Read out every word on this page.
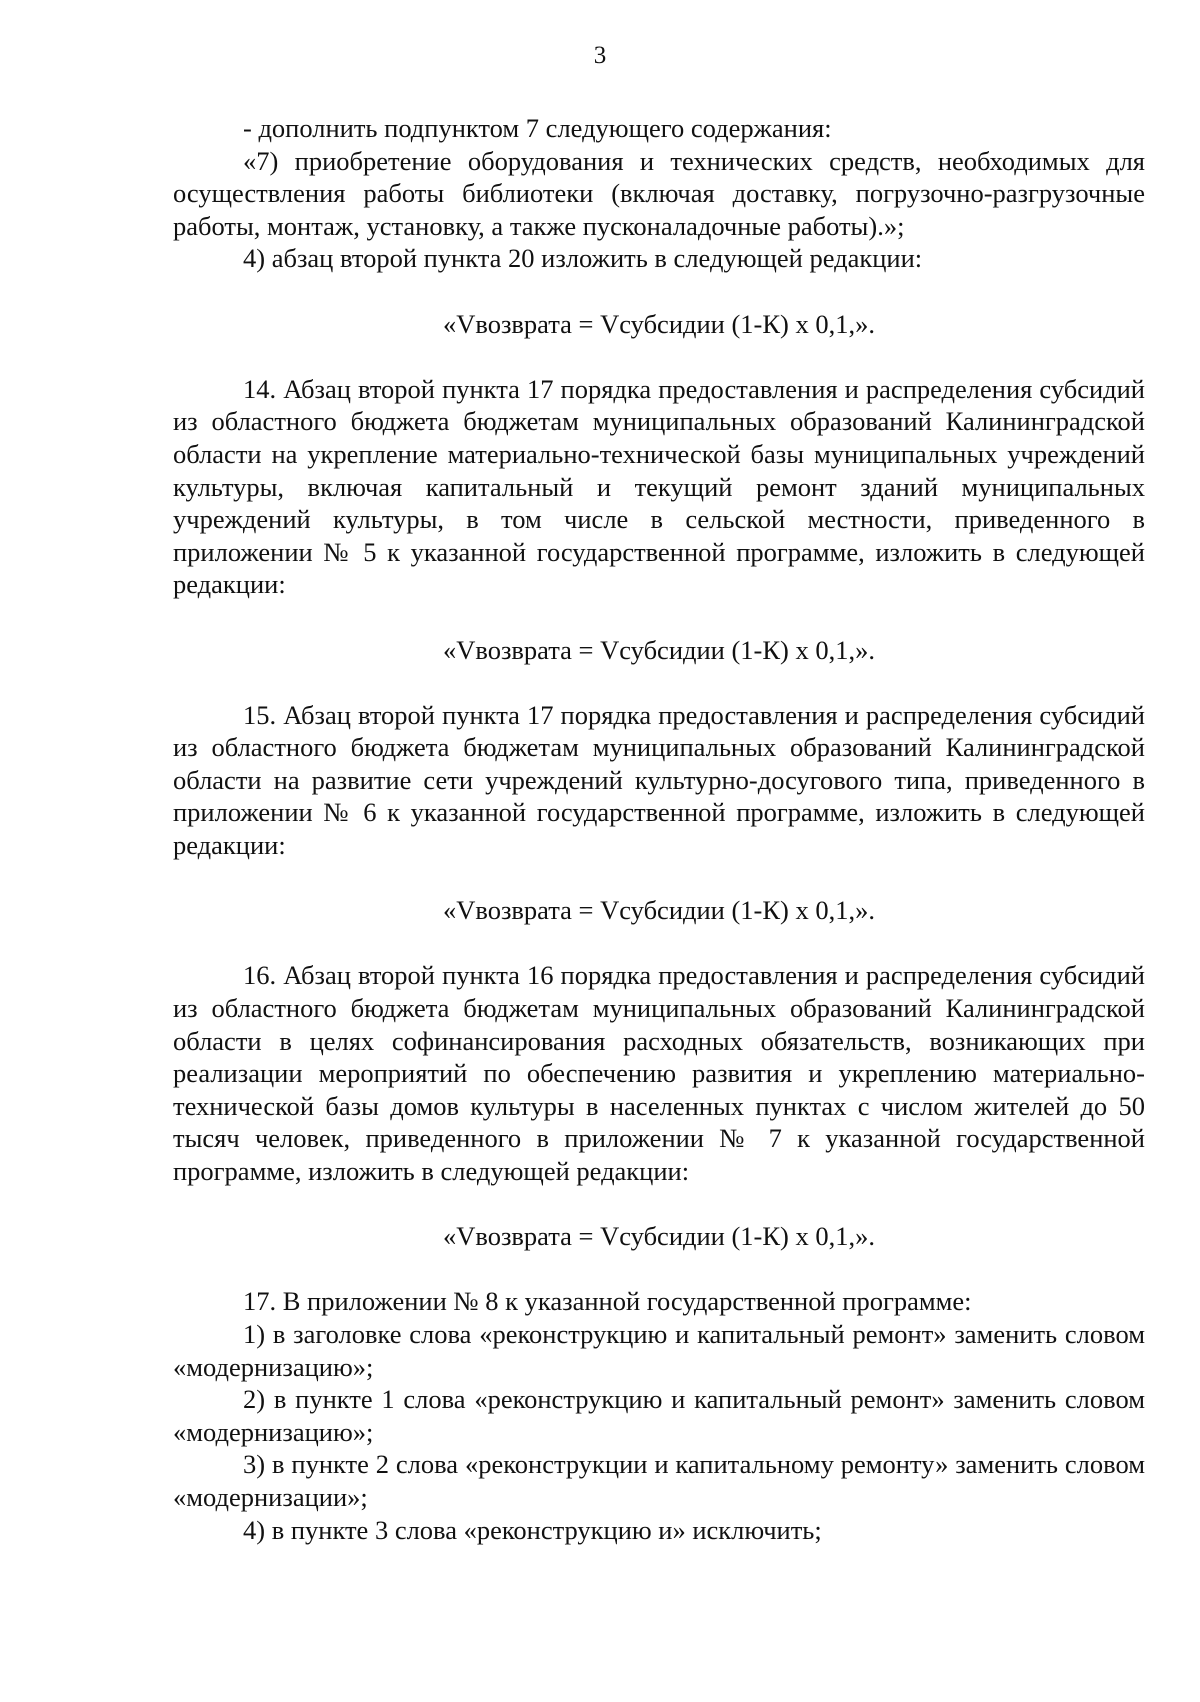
3

- дополнить подпунктом 7 следующего содержания:

«7) приобретение оборудования и технических средств, необходимых для осуществления работы библиотеки (включая доставку, погрузочно-разгрузочные работы, монтаж, установку, а также пусконаладочные работы).»;

4) абзац второй пункта 20 изложить в следующей редакции:

«Vвозврата = Vсубсидии (1-К) x 0,1,».

14. Абзац второй пункта 17 порядка предоставления и распределения субсидий из областного бюджета бюджетам муниципальных образований Калининградской области на укрепление материально-технической базы муниципальных учреждений культуры, включая капитальный и текущий ремонт зданий муниципальных учреждений культуры, в том числе в сельской местности, приведенного в приложении № 5 к указанной государственной программе, изложить в следующей редакции:

«Vвозврата = Vсубсидии (1-К) x 0,1,».

15. Абзац второй пункта 17 порядка предоставления и распределения субсидий из областного бюджета бюджетам муниципальных образований Калининградской области на развитие сети учреждений культурно-досугового типа, приведенного в приложении № 6 к указанной государственной программе, изложить в следующей редакции:

«Vвозврата = Vсубсидии (1-К) x 0,1,».

16. Абзац второй пункта 16 порядка предоставления и распределения субсидий из областного бюджета бюджетам муниципальных образований Калининградской области в целях софинансирования расходных обязательств, возникающих при реализации мероприятий по обеспечению развития и укреплению материально-технической базы домов культуры в населенных пунктах с числом жителей до 50 тысяч человек, приведенного в приложении № 7 к указанной государственной программе, изложить в следующей редакции:

«Vвозврата = Vсубсидии (1-К) x 0,1,».

17. В приложении № 8 к указанной государственной программе:

1) в заголовке слова «реконструкцию и капитальный ремонт» заменить словом «модернизацию»;

2) в пункте 1 слова «реконструкцию и капитальный ремонт» заменить словом «модернизацию»;

3) в пункте 2 слова «реконструкции и капитальному ремонту» заменить словом «модернизации»;

4) в пункте 3 слова «реконструкцию и» исключить;
